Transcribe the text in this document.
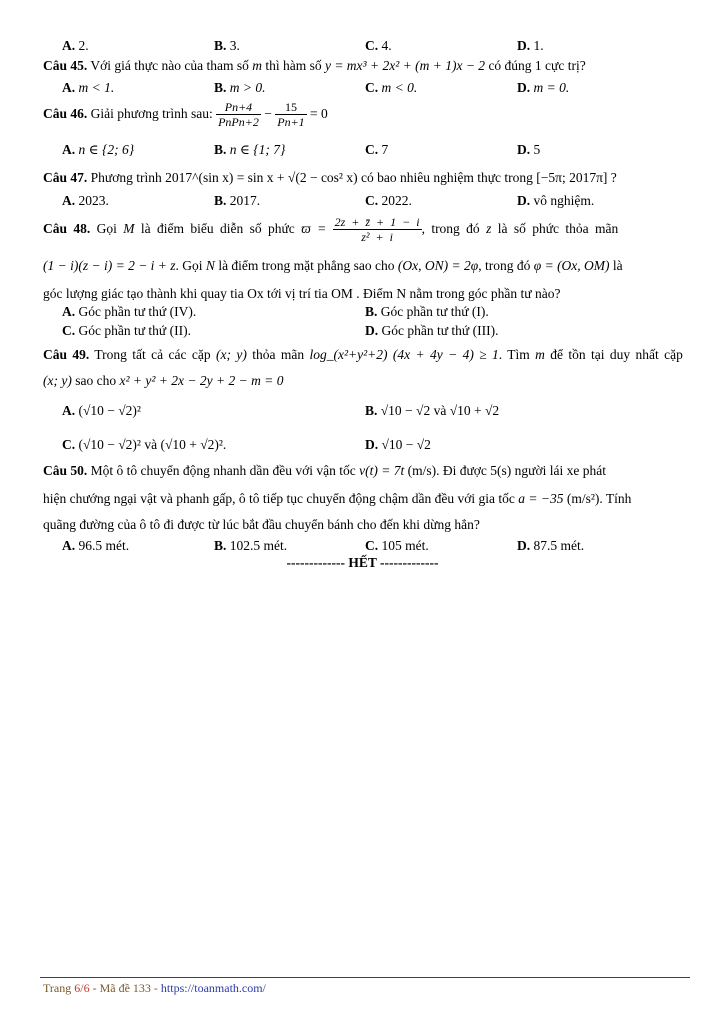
A. 2.	B. 3.	C. 4.	D. 1.
Câu 45. Với giá thực nào của tham số m thì hàm số y = mx³ + 2x² + (m + 1)x − 2 có đúng 1 cực trị?
A. m < 1.	B. m > 0.	C. m < 0.	D. m = 0.
Câu 46. Giải phương trình sau:	Pn+4
PnPn+2
− $\frac{15}{Pn+1} = 0$
A. n ∈ {2; 6}	B. n ∈ {1; 7}	C. 7	D. 5
Câu 47. Phương trình 2017^(sin x) = sin x + √(2 − cos² x) có bao nhiêu nghiệm thực trong [−5π; 2017π] ?
A. 2023.	B. 2017.	C. 2022.	D. vô nghiệm.
Câu 48. Gọi M là điểm biểu diễn số phức $ϖ = \frac{2z + z̄ + 1 - i}{\text{z² + i}}$ , trong đó z là số phức thỏa mãn
(1 − i)(z − i) = 2 − i + z. Gọi N là điểm trong mặt phẳng sao cho (Ox, ON) = 2φ, trong đó φ = (Ox, OM) là
góc lượng giác tạo thành khi quay tia Ox tới vị trí tia OM . Điểm N nằm trong góc phần tư nào?
A. Góc phần tư thứ (IV).	B. Góc phần tư thứ (I).
C. Góc phần tư thứ (II).	D. Góc phần tư thứ (III).
Câu 49. Trong tất cả các cặp (x; y) thỏa mãn log_(x²+y²+2) (4x + 4y − 4) ≥ 1. Tìm m để tồn tại duy nhất cặp
(x; y) sao cho x² + y² + 2x − 2y + 2 − m = 0
A. (√10 − √2)²	B. √10 − √2 và √10 + √2
C. (√10 − √2)² và (√10 + √2)².	D. √10 − √2
Câu 50. Một ô tô chuyển động nhanh dần đều với vận tốc v(t) = 7t (m/s). Đi được 5(s) người lái xe phát
hiện chướng ngại vật và phanh gấp, ô tô tiếp tục chuyển động chậm dần đều với gia tốc a = −35 (m/s²). Tính
quãng đường của ô tô đi được từ lúc bắt đầu chuyển bánh cho đến khi dừng hẳn?
A. 96.5 mét.	B. 102.5 mét.	C. 105 mét.	D. 87.5 mét.
------------- HẾT -------------
Trang 6/6 - Mã đề 133 - https://toanmath.com/
